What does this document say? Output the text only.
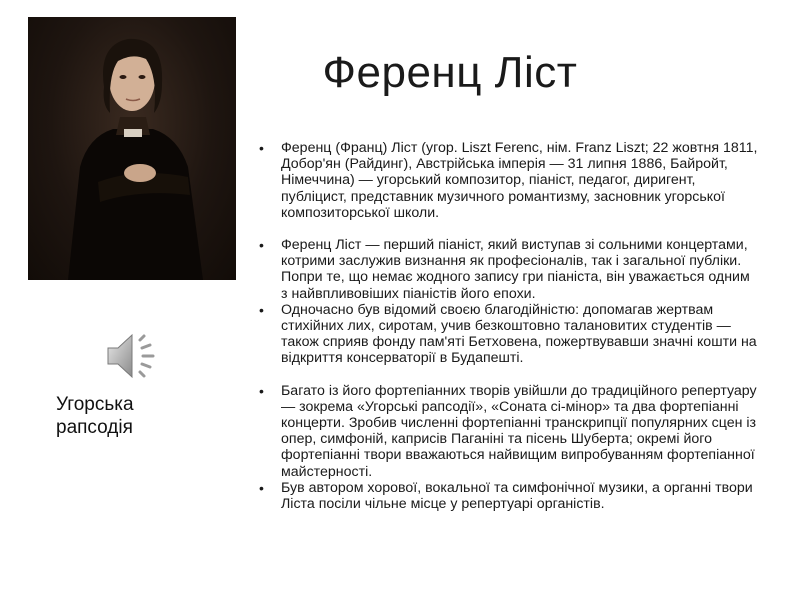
Ференц Ліст
Угорська рапсодія
• Ференц (Франц) Ліст (угор. Liszt Ferenc, нім. Franz Liszt; 22 жовтня 1811, Добор'ян (Райдинг), Австрійська імперія — 31 липня 1886, Байройт, Німеччина) — угорський композитор, піаніст, педагог, диригент, публіцист, представник музичного романтизму, засновник угорської композиторської школи.
• Ференц Ліст — перший піаніст, який виступав зі сольними концертами, котрими заслужив визнання як професіоналів, так і загальної публіки. Попри те, що немає жодного запису гри піаніста, він уважається одним з найвпливовіших піаністів його епохи.
• Одночасно був відомий своєю благодійністю: допомагав жертвам стихійних лих, сиротам, учив безкоштовно талановитих студентів — також сприяв фонду пам'яті Бетховена, пожертвувавши значні кошти на відкриття консерваторії в Будапешті.
• Багато із його фортепіанних творів увійшли до традиційного репертуару — зокрема «Угорські рапсодії», «Соната сі-мінор» та два фортепіанні концерти. Зробив численні фортепіанні транскрипції популярних сцен із опер, симфоній, каприсів Паганіні та пісень Шуберта; окремі його фортепіанні твори вважаються найвищим випробуванням фортепіанної майстерності.
• Був автором хорової, вокальної та симфонічної музики, а органні твори Ліста посіли чільне місце у репертуарі органістів.
